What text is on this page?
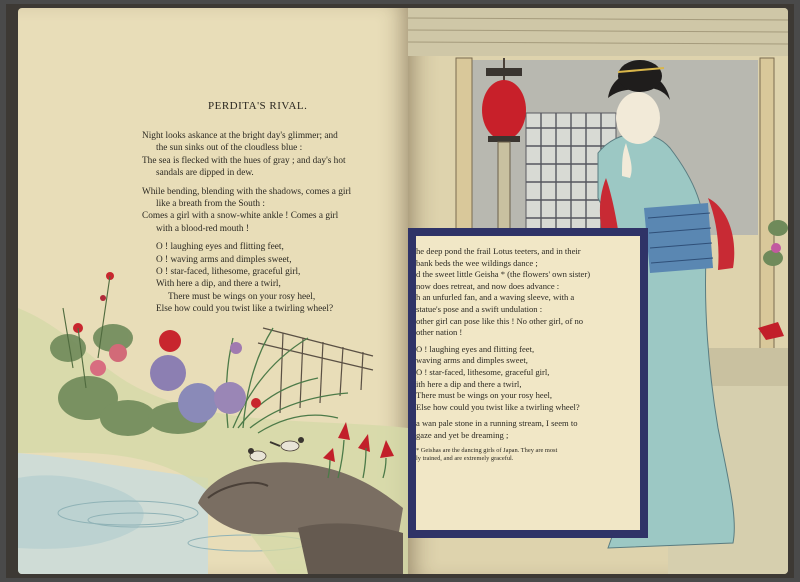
PERDITA'S RIVAL.
Night looks askance at the bright day's glimmer; and
the sun sinks out of the cloudless blue :
The sea is flecked with the hues of gray ; and day's hot
sandals are dipped in dew.
While bending, blending with the shadows, comes a girl
like a breath from the South :
Comes a girl with a snow-white ankle ! Comes a girl
with a blood-red mouth !
O ! laughing eyes and flitting feet,
O ! waving arms and dimples sweet,
O ! star-faced, lithesome, graceful girl,
With here a dip, and there a twirl,
There must be wings on your rosy heel,
Else how could you twist like a twirling wheel?
he deep pond the frail Lotus teeters, and in their
bank beds the wee wildings dance ;
d the sweet little Geisha * (the flowers' own sister)
now does retreat, and now does advance :
h an unfurled fan, and a waving sleeve, with a
statue's pose and a swift undulation :
other girl can pose like this ! No other girl, of no
other nation !
O ! laughing eyes and flitting feet,
waving arms and dimples sweet,
O ! star-faced, lithesome, graceful girl,
ith here a dip and there a twirl,
There must be wings on your rosy heel,
Else how could you twist like a twirling wheel?
a wan pale stone in a running stream, I seem to
gaze and yet be dreaming ;
* Geishas are the dancing girls of Japan. They are most
ly trained, and are extremely graceful.
